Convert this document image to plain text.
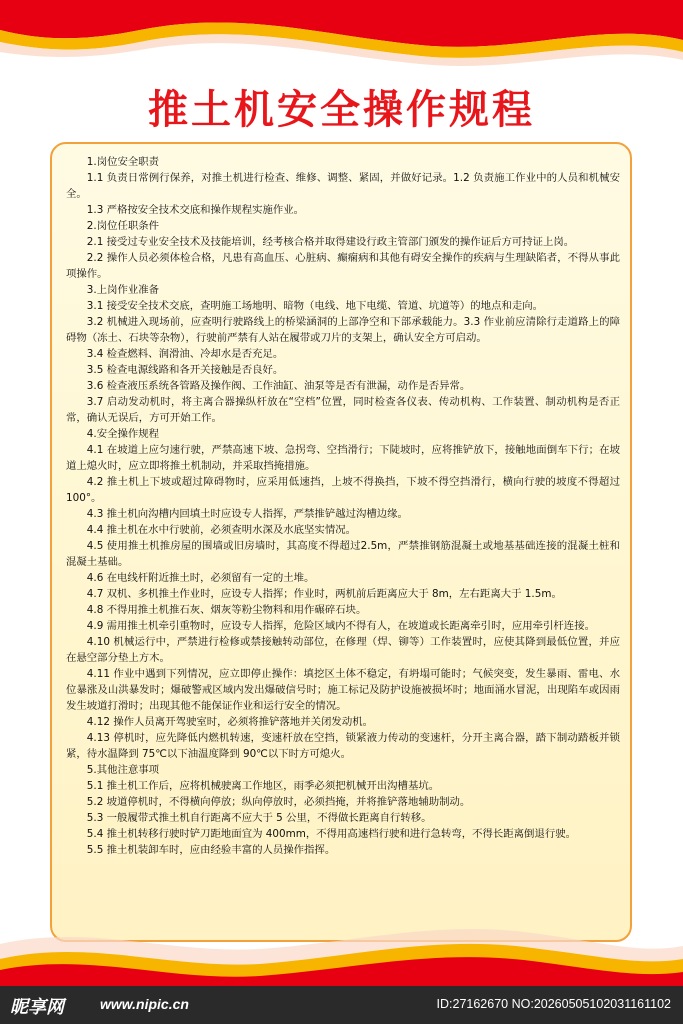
推土机安全操作规程

1.岗位安全职责

1.1 负责日常例行保养，对推土机进行检查、维修、调整、紧固，并做好记录。1.2 负责施工作业中的人员和机械安全。

1.3 严格按安全技术交底和操作规程实施作业。

2.岗位任职条件

2.1 接受过专业安全技术及技能培训，经考核合格并取得建设行政主管部门颁发的操作证后方可持证上岗。

2.2 操作人员必须体检合格，凡患有高血压、心脏病、癫痫病和其他有碍安全操作的疾病与生理缺陷者，不得从事此项操作。

3.上岗作业准备

3.1 接受安全技术交底，查明施工场地明、暗物（电线、地下电缆、管道、坑道等）的地点和走向。

3.2 机械进入现场前，应查明行驶路线上的桥梁涵洞的上部净空和下部承载能力。3.3 作业前应清除行走道路上的障碍物（冻土、石块等杂物），行驶前严禁有人站在履带或刀片的支架上，确认安全方可启动。

3.4 检查燃料、润滑油、冷却水是否充足。

3.5 检查电源线路和各开关接触是否良好。

3.6 检查液压系统各管路及操作阀、工作油缸、油泵等是否有泄漏，动作是否异常。

3.7 启动发动机时，将主离合器操纵杆放在“空档”位置，同时检查各仪表、传动机构、工作装置、制动机构是否正常，确认无误后，方可开始工作。

4.安全操作规程

4.1 在坡道上应匀速行驶，严禁高速下坡、急拐弯、空挡滑行；下陡坡时，应将推铲放下，接触地面倒车下行；在坡道上熄火时，应立即将推土机制动，并采取挡掩措施。

4.2 推土机上下坡或超过障碍物时，应采用低速挡，上坡不得换挡，下坡不得空挡滑行，横向行驶的坡度不得超过 100°。

4.3 推土机向沟槽内回填土时应设专人指挥，严禁推铲越过沟槽边缘。

4.4 推土机在水中行驶前，必须查明水深及水底坚实情况。

4.5 使用推土机推房屋的围墙或旧房墙时，其高度不得超过2.5m，严禁推钢筋混凝土或地基基础连接的混凝土桩和混凝土基础。

4.6 在电线杆附近推土时，必须留有一定的土堆。

4.7 双机、多机推土作业时，应设专人指挥；作业时，两机前后距离应大于 8m，左右距离大于 1.5m。

4.8 不得用推土机推石灰、烟灰等粉尘物料和用作碾碎石块。

4.9 需用推土机牵引重物时，应设专人指挥，危险区域内不得有人，在坡道或长距离牵引时，应用牵引杆连接。

4.10 机械运行中，严禁进行检修或禁接触转动部位，在修理（焊、铆等）工作装置时，应使其降到最低位置，并应在悬空部分垫上方木。

4.11 作业中遇到下列情况，应立即停止操作：填挖区土体不稳定，有坍塌可能时；气候突变，发生暴雨、雷电、水位暴涨及山洪暴发时；爆破警戒区域内发出爆破信号时；施工标记及防护设施被损坏时；地面涌水冒泥，出现陷车或因雨发生坡道打滑时；出现其他不能保证作业和运行安全的情况。

4.12 操作人员离开驾驶室时，必须将推铲落地并关闭发动机。

4.13 停机时，应先降低内燃机转速，变速杆放在空挡，锁紧液力传动的变速杆，分开主离合器，踏下制动踏板并锁紧，待水温降到 75℃以下油温度降到 90℃以下时方可熄火。

5.其他注意事项

5.1 推土机工作后，应将机械驶离工作地区，雨季必须把机械开出沟槽基坑。

5.2 坡道停机时，不得横向停放；纵向停放时，必须挡掩，并将推铲落地辅助制动。

5.3 一般履带式推土机自行距离不应大于 5 公里，不得做长距离自行转移。

5.4 推土机转移行驶时铲刀距地面宜为 400mm，不得用高速档行驶和进行急转弯，不得长距离倒退行驶。

5.5 推土机装卸车时，应由经验丰富的人员操作指挥。

昵享网	www.nipic.cn	ID:27162670 NO:20260505102031161102
